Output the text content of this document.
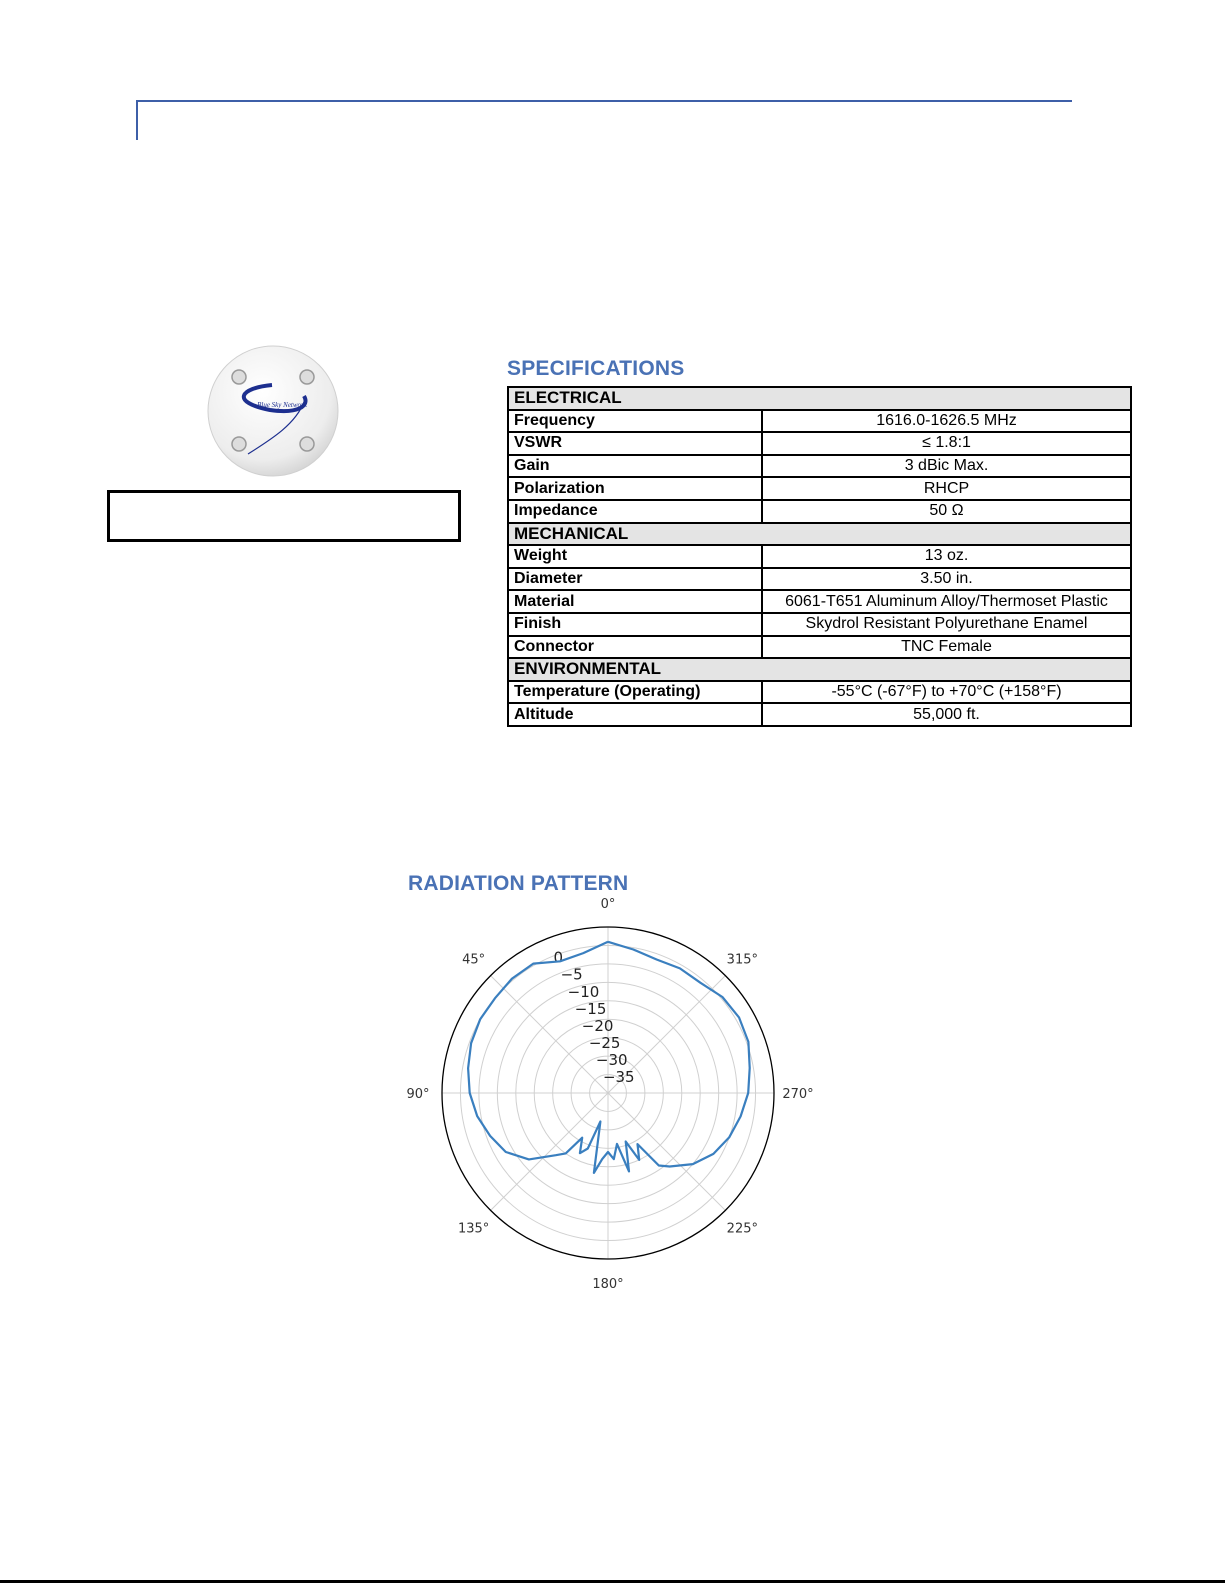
Blue Sky Network
SPECIFICATIONS
ELECTRICAL	
Frequency	1616.0-1626.5 MHz
VSWR	≤ 1.8:1
Gain	3 dBic Max.
Polarization	RHCP
Impedance	50 Ω
MECHANICAL	
Weight	13 oz.
Diameter	3.50 in.
Material	6061-T651 Aluminum Alloy/Thermoset Plastic
Finish	Skydrol Resistant Polyurethane Enamel
Connector	TNC Female
ENVIRONMENTAL	
Temperature (Operating)	-55°C (-67°F) to +70°C (+158°F)
Altitude	55,000 ft.
RADIATION PATTERN
0°
45°
90°
135°
180°
225°
270°
315°
0
−5
−10
−15
−20
−25
−30
−35
